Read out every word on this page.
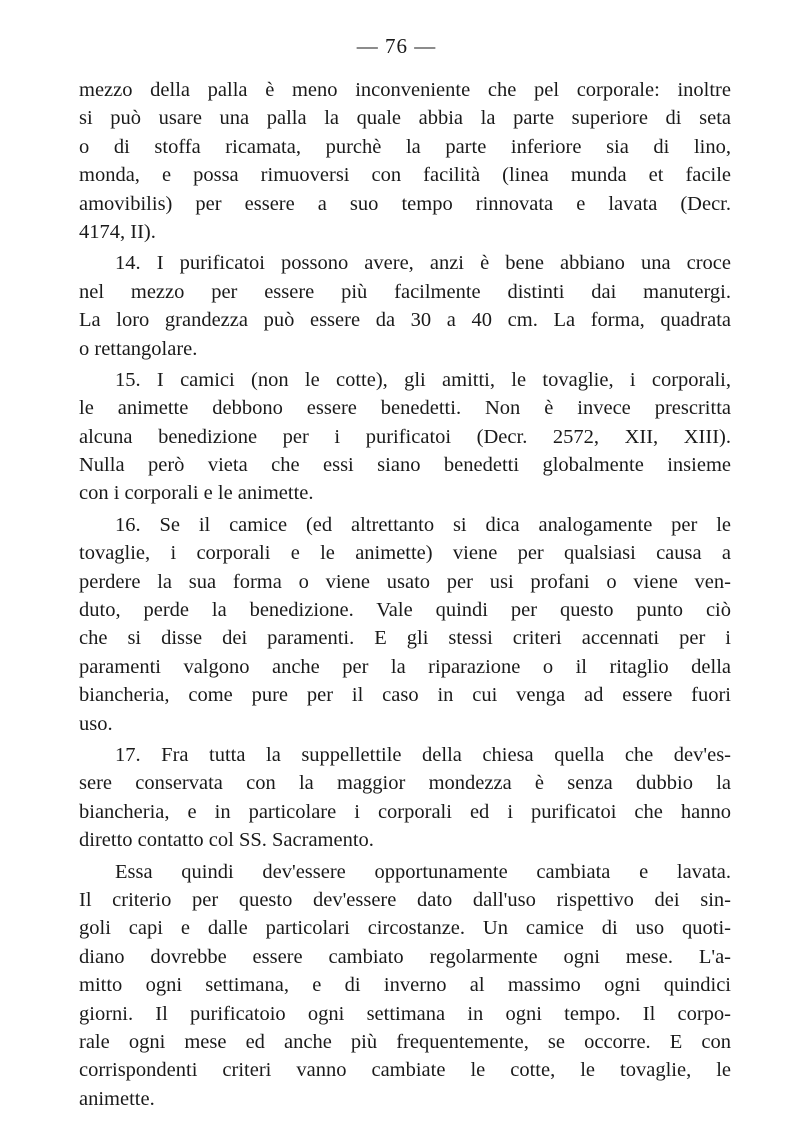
— 76 —
mezzo della palla è meno inconveniente che pel corporale: inoltre
si può usare una palla la quale abbia la parte superiore di seta
o di stoffa ricamata, purchè la parte inferiore sia di lino,
monda, e possa rimuoversi con facilità (linea munda et facile
amovibilis) per essere a suo tempo rinnovata e lavata (Decr.
4174, II).
14. I purificatoi possono avere, anzi è bene abbiano una croce
nel mezzo per essere più facilmente distinti dai manutergi.
La loro grandezza può essere da 30 a 40 cm. La forma, quadrata
o rettangolare.
15. I camici (non le cotte), gli amitti, le tovaglie, i corporali,
le animette debbono essere benedetti. Non è invece prescritta
alcuna benedizione per i purificatoi (Decr. 2572, XII, XIII).
Nulla però vieta che essi siano benedetti globalmente insieme
con i corporali e le animette.
16. Se il camice (ed altrettanto si dica analogamente per le
tovaglie, i corporali e le animette) viene per qualsiasi causa a
perdere la sua forma o viene usato per usi profani o viene ven-
duto, perde la benedizione. Vale quindi per questo punto ciò
che si disse dei paramenti. E gli stessi criteri accennati per i
paramenti valgono anche per la riparazione o il ritaglio della
biancheria, come pure per il caso in cui venga ad essere fuori
uso.
17. Fra tutta la suppellettile della chiesa quella che dev'es-
sere conservata con la maggior mondezza è senza dubbio la
biancheria, e in particolare i corporali ed i purificatoi che hanno
diretto contatto col SS. Sacramento.
Essa quindi dev'essere opportunamente cambiata e lavata.
Il criterio per questo dev'essere dato dall'uso rispettivo dei sin-
goli capi e dalle particolari circostanze. Un camice di uso quoti-
diano dovrebbe essere cambiato regolarmente ogni mese. L'a-
mitto ogni settimana, e di inverno al massimo ogni quindici
giorni. Il purificatoio ogni settimana in ogni tempo. Il corpo-
rale ogni mese ed anche più frequentemente, se occorre. E con
corrispondenti criteri vanno cambiate le cotte, le tovaglie, le
animette.
